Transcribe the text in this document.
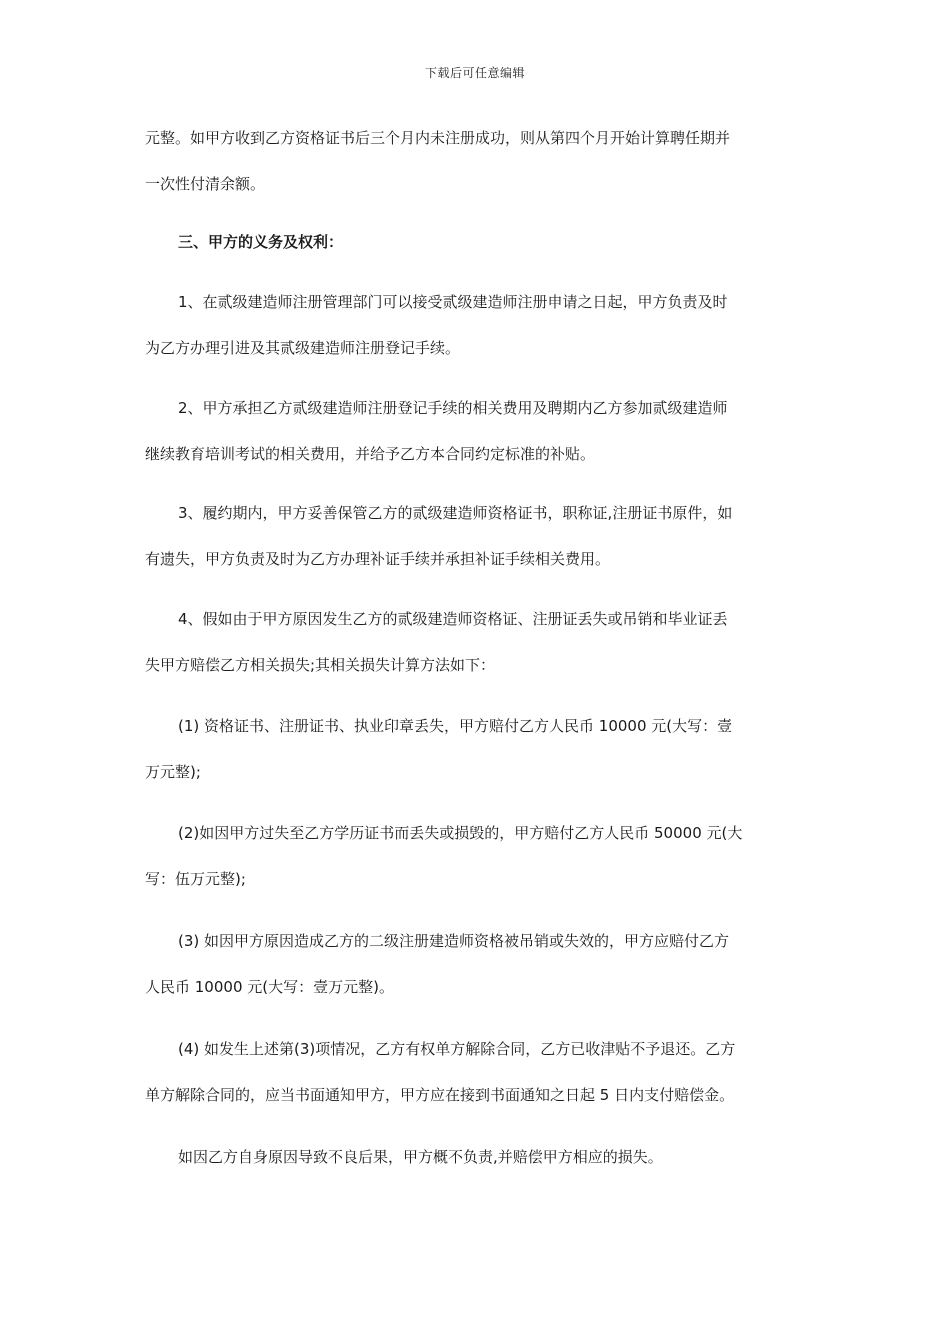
下载后可任意编辑

元整。如甲方收到乙方资格证书后三个月内未注册成功，则从第四个月开始计算聘任期并

一次性付清余额。

三、甲方的义务及权利：

1、在贰级建造师注册管理部门可以接受贰级建造师注册申请之日起，甲方负责及时

为乙方办理引进及其贰级建造师注册登记手续。

2、甲方承担乙方贰级建造师注册登记手续的相关费用及聘期内乙方参加贰级建造师

继续教育培训考试的相关费用，并给予乙方本合同约定标准的补贴。

3、履约期内，甲方妥善保管乙方的贰级建造师资格证书，职称证,注册证书原件，如

有遗失，甲方负责及时为乙方办理补证手续并承担补证手续相关费用。

4、假如由于甲方原因发生乙方的贰级建造师资格证、注册证丢失或吊销和毕业证丢

失甲方赔偿乙方相关损失;其相关损失计算方法如下：

(1) 资格证书、注册证书、执业印章丢失，甲方赔付乙方人民币 10000 元(大写：壹

万元整);

(2)如因甲方过失至乙方学历证书而丢失或损毁的，甲方赔付乙方人民币 50000 元(大

写：伍万元整);

(3) 如因甲方原因造成乙方的二级注册建造师资格被吊销或失效的，甲方应赔付乙方

人民币 10000 元(大写：壹万元整)。

(4) 如发生上述第(3)项情况，乙方有权单方解除合同，乙方已收津贴不予退还。乙方

单方解除合同的，应当书面通知甲方，甲方应在接到书面通知之日起 5 日内支付赔偿金。

如因乙方自身原因导致不良后果，甲方概不负责,并赔偿甲方相应的损失。
